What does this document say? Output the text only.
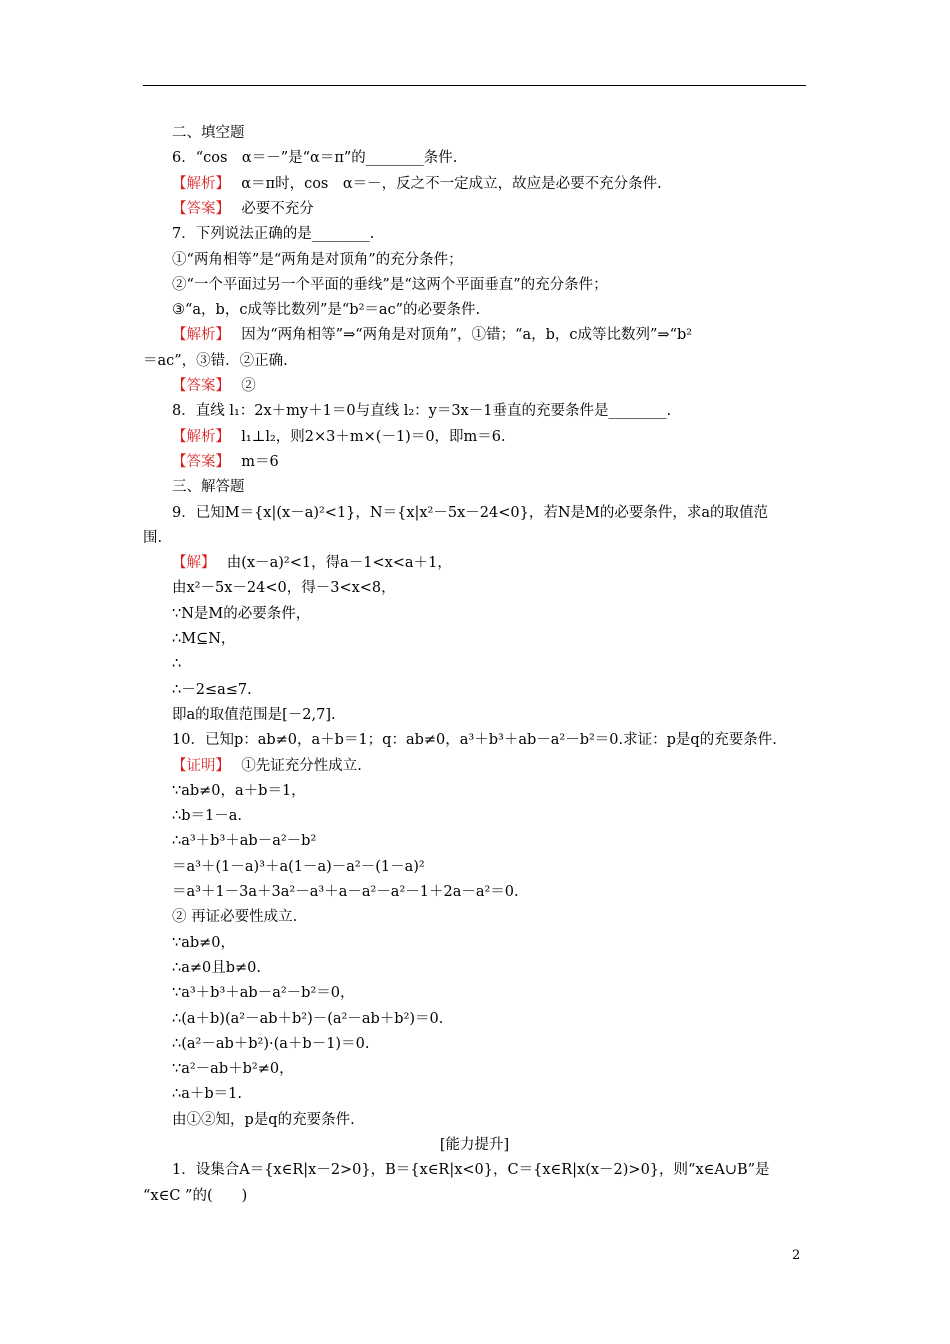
二、填空题
6．“cos　α＝－”是“α＝π”的________条件.
【解析】　α＝π时，cos　α＝－，反之不一定成立，故应是必要不充分条件.
【答案】　必要不充分
7．下列说法正确的是________.
①“两角相等”是“两角是对顶角”的充分条件；
②“一个平面过另一个平面的垂线”是“这两个平面垂直”的充分条件；
③“a，b，c成等比数列”是“b²＝ac”的必要条件.
【解析】　因为“两角相等”⇒“两角是对顶角”，①错；“a，b，c成等比数列”⇒“b²
＝ac”，③错．②正确.
【答案】　②
8．直线 l₁：2x＋my＋1＝0与直线 l₂：y＝3x－1垂直的充要条件是________.
【解析】　l₁⊥l₂，则2×3＋m×(－1)＝0，即m＝6.
【答案】　m＝6
三、解答题
9．已知M＝{x|(x－a)²<1}，N＝{x|x²－5x－24<0}，若N是M的必要条件，求a的取值范
围.
【解】　由(x－a)²<1，得a－1<x<a＋1，
由x²－5x－24<0，得－3<x<8，
∵N是M的必要条件，
∴M⊆N，
∴
∴－2≤a≤7.
即a的取值范围是[－2,7].
10．已知p：ab≠0，a＋b＝1；q：ab≠0，a³＋b³＋ab－a²－b²＝0.求证：p是q的充要条件.
【证明】　①先证充分性成立.
∵ab≠0，a＋b＝1，
∴b＝1－a.
∴a³＋b³＋ab－a²－b²
＝a³＋(1－a)³＋a(1－a)－a²－(1－a)²
＝a³＋1－3a＋3a²－a³＋a－a²－a²－1＋2a－a²＝0.
② 再证必要性成立.
∵ab≠0，
∴a≠0且b≠0.
∵a³＋b³＋ab－a²－b²＝0，
∴(a＋b)(a²－ab＋b²)－(a²－ab＋b²)＝0.
∴(a²－ab＋b²)·(a＋b－1)＝0.
∵a²－ab＋b²≠0，
∴a＋b＝1.
由①②知，p是q的充要条件.
[能力提升]
1．设集合A＝{x∈R|x－2>0}，B＝{x∈R|x<0}，C＝{x∈R|x(x－2)>0}，则“x∈A∪B”是
“x∈C ”的(　　)
2
